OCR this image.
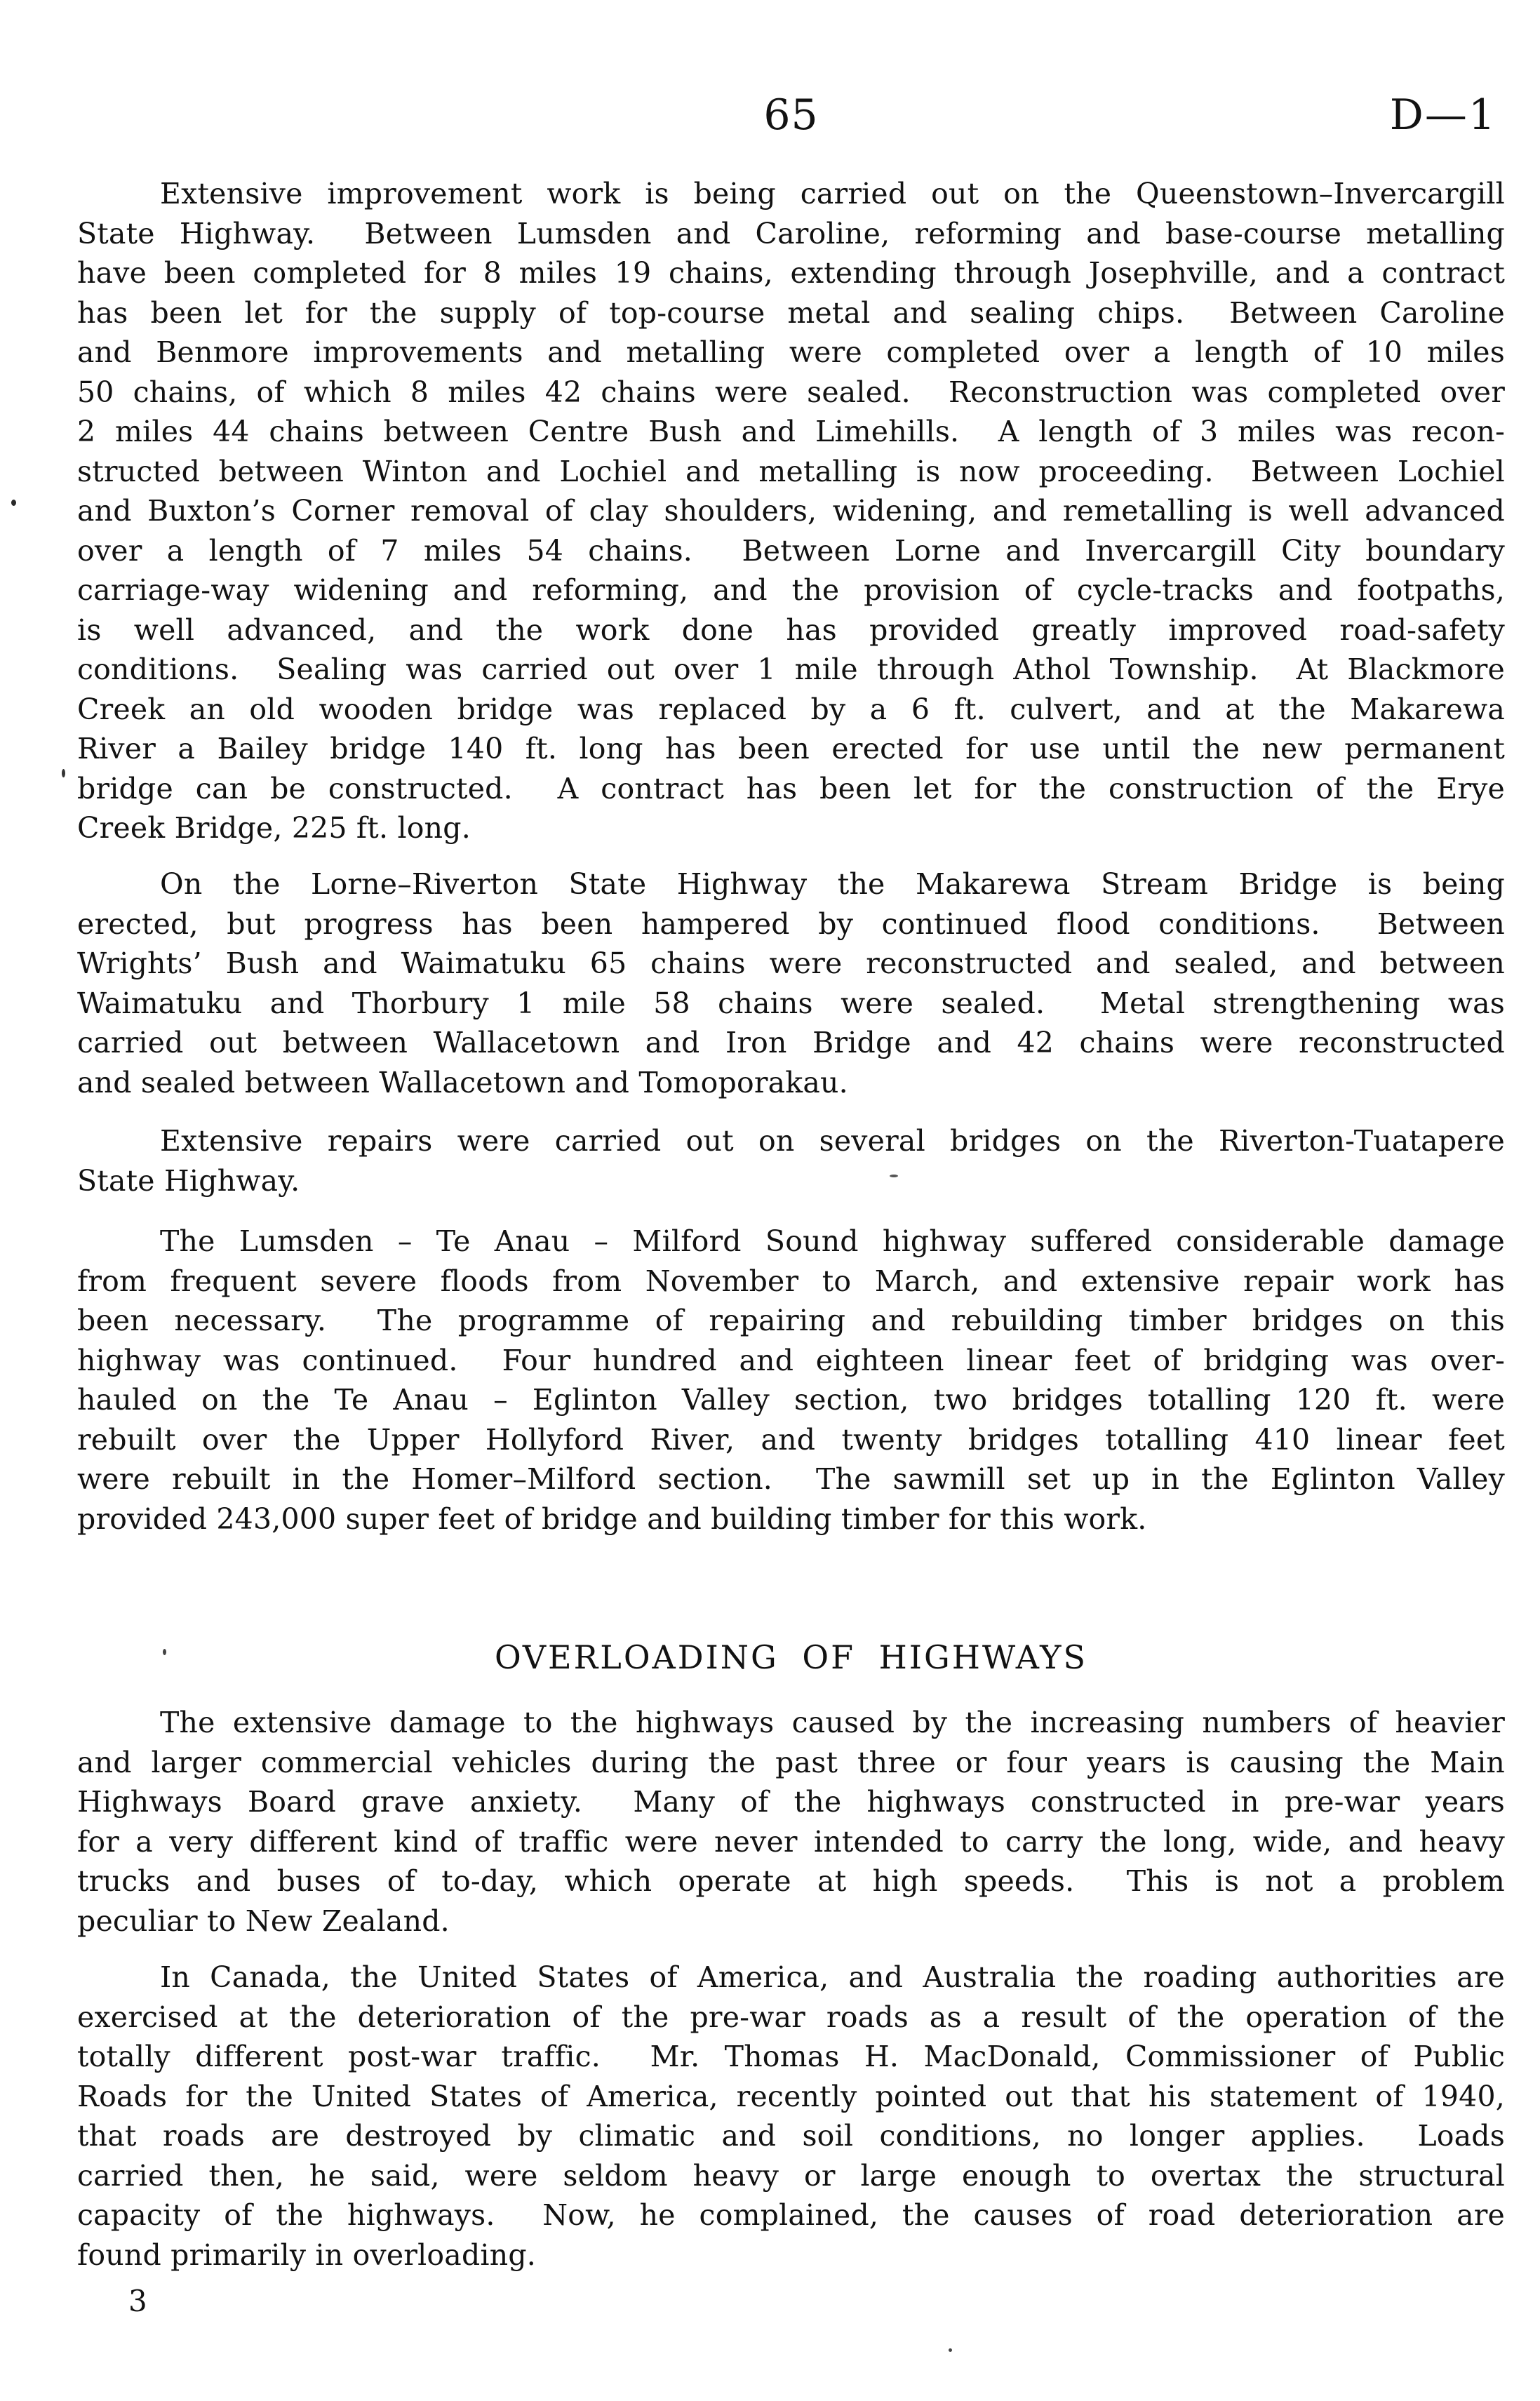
65	D—1
Extensive improvement work is being carried out on the Queenstown–Invercargill
State Highway.  Between Lumsden and Caroline, reforming and base-course metalling
have been completed for 8 miles 19 chains, extending through Josephville, and a contract
has been let for the supply of top-course metal and sealing chips.  Between Caroline
and Benmore improvements and metalling were completed over a length of 10 miles
50 chains, of which 8 miles 42 chains were sealed.  Reconstruction was completed over
2 miles 44 chains between Centre Bush and Limehills.  A length of 3 miles was recon-
structed between Winton and Lochiel and metalling is now proceeding.  Between Lochiel
and Buxton’s Corner removal of clay shoulders, widening, and remetalling is well advanced
over a length of 7 miles 54 chains.  Between Lorne and Invercargill City boundary
carriage-way widening and reforming, and the provision of cycle-tracks and footpaths,
is well advanced, and the work done has provided greatly improved road-safety
conditions.  Sealing was carried out over 1 mile through Athol Township.  At Blackmore
Creek an old wooden bridge was replaced by a 6 ft. culvert, and at the Makarewa
River a Bailey bridge 140 ft. long has been erected for use until the new permanent
bridge can be constructed.  A contract has been let for the construction of the Erye
Creek Bridge, 225 ft. long.
On the Lorne–Riverton State Highway the Makarewa Stream Bridge is being
erected, but progress has been hampered by continued flood conditions.  Between
Wrights’ Bush and Waimatuku 65 chains were reconstructed and sealed, and between
Waimatuku and Thorbury 1 mile 58 chains were sealed.  Metal strengthening was
carried out between Wallacetown and Iron Bridge and 42 chains were reconstructed
and sealed between Wallacetown and Tomoporakau.
Extensive repairs were carried out on several bridges on the Riverton-Tuatapere
State Highway.
The Lumsden – Te Anau – Milford Sound highway suffered considerable damage
from frequent severe floods from November to March, and extensive repair work has
been necessary.  The programme of repairing and rebuilding timber bridges on this
highway was continued.  Four hundred and eighteen linear feet of bridging was over-
hauled on the Te Anau – Eglinton Valley section, two bridges totalling 120 ft. were
rebuilt over the Upper Hollyford River, and twenty bridges totalling 410 linear feet
were rebuilt in the Homer–Milford section.  The sawmill set up in the Eglinton Valley
provided 243,000 super feet of bridge and building timber for this work.
OVERLOADING OF HIGHWAYS
The extensive damage to the highways caused by the increasing numbers of heavier
and larger commercial vehicles during the past three or four years is causing the Main
Highways Board grave anxiety.  Many of the highways constructed in pre-war years
for a very different kind of traffic were never intended to carry the long, wide, and heavy
trucks and buses of to-day, which operate at high speeds.  This is not a problem
peculiar to New Zealand.
In Canada, the United States of America, and Australia the roading authorities are
exercised at the deterioration of the pre-war roads as a result of the operation of the
totally different post-war traffic.  Mr. Thomas H. MacDonald, Commissioner of Public
Roads for the United States of America, recently pointed out that his statement of 1940,
that roads are destroyed by climatic and soil conditions, no longer applies.  Loads
carried then, he said, were seldom heavy or large enough to overtax the structural
capacity of the highways.  Now, he complained, the causes of road deterioration are
found primarily in overloading.
3
